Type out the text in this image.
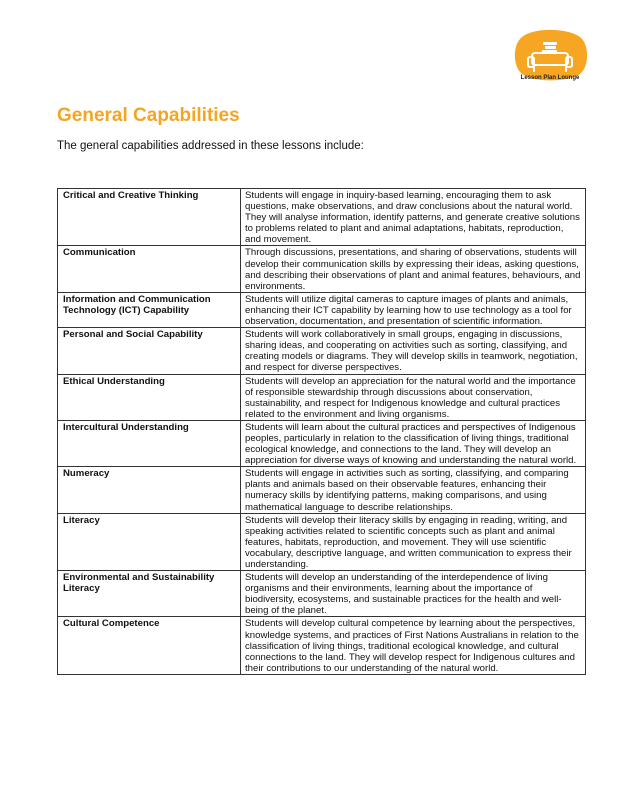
Lesson Plan Lounge
General Capabilities

The general capabilities addressed in these lessons include:

Critical and Creative Thinking	Students will engage in inquiry-based learning, encouraging them to ask questions, make observations, and draw conclusions about the natural world. They will analyse information, identify patterns, and generate creative solutions to problems related to plant and animal adaptations, habitats, reproduction, and movement.
Communication	Through discussions, presentations, and sharing of observations, students will develop their communication skills by expressing their ideas, asking questions, and describing their observations of plant and animal features, behaviours, and environments.
Information and Communication Technology (ICT) Capability	Students will utilize digital cameras to capture images of plants and animals, enhancing their ICT capability by learning how to use technology as a tool for observation, documentation, and presentation of scientific information.
Personal and Social Capability	Students will work collaboratively in small groups, engaging in discussions, sharing ideas, and cooperating on activities such as sorting, classifying, and creating models or diagrams. They will develop skills in teamwork, negotiation, and respect for diverse perspectives.
Ethical Understanding	Students will develop an appreciation for the natural world and the importance of responsible stewardship through discussions about conservation, sustainability, and respect for Indigenous knowledge and cultural practices related to the environment and living organisms.
Intercultural Understanding	Students will learn about the cultural practices and perspectives of Indigenous peoples, particularly in relation to the classification of living things, traditional ecological knowledge, and connections to the land. They will develop an appreciation for diverse ways of knowing and understanding the natural world.
Numeracy	Students will engage in activities such as sorting, classifying, and comparing plants and animals based on their observable features, enhancing their numeracy skills by identifying patterns, making comparisons, and using mathematical language to describe relationships.
Literacy	Students will develop their literacy skills by engaging in reading, writing, and speaking activities related to scientific concepts such as plant and animal features, habitats, reproduction, and movement. They will use scientific vocabulary, descriptive language, and written communication to express their understanding.
Environmental and Sustainability Literacy	Students will develop an understanding of the interdependence of living organisms and their environments, learning about the importance of biodiversity, ecosystems, and sustainable practices for the health and well-being of the planet.
Cultural Competence	Students will develop cultural competence by learning about the perspectives, knowledge systems, and practices of First Nations Australians in relation to the classification of living things, traditional ecological knowledge, and cultural connections to the land. They will develop respect for Indigenous cultures and their contributions to our understanding of the natural world.
